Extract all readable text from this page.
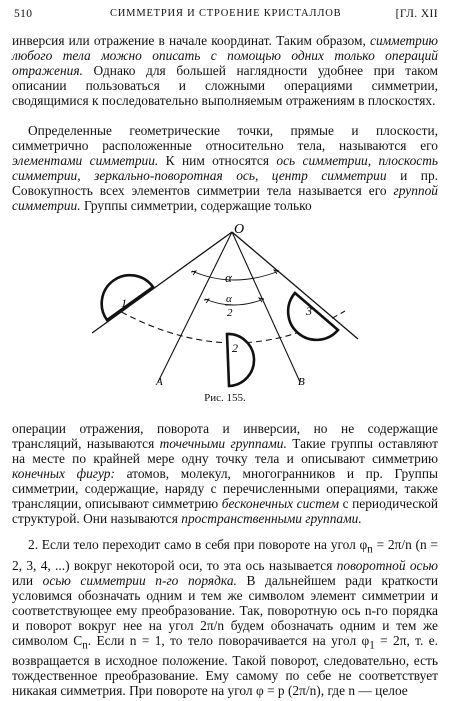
510	СИММЕТРИЯ И СТРОЕНИЕ КРИСТАЛЛОВ	[ГЛ. XII

инверсия или отражение в начале координат. Таким образом, симметрию любого тела можно описать с помощью одних только операций отражения. Однако для большей наглядности удобнее при таком описании пользоваться и сложными операциями симметрии, сводящимися к последовательно выполняемым отражениям в плоскостях.

Определенные геометрические точки, прямые и плоскости, симметрично расположенные относительно тела, называются его элементами симметрии. К ним относятся ось симметрии, плоскость симметрии, зеркально-поворотная ось, центр симметрии и пр. Совокупность всех элементов симметрии тела называется его группой симметрии. Группы симметрии, содержащие только

O
A	B
α
α
2
1
2
3
Рис. 155.

операции отражения, поворота и инверсии, но не содержащие трансляций, называются точечными группами. Такие группы оставляют на месте по крайней мере одну точку тела и описывают симметрию конечных фигур: атомов, молекул, многогранников и пр. Группы симметрии, содержащие, наряду с перечисленными операциями, также трансляции, описывают симметрию бесконечных систем с периодической структурой. Они называются пространственными группами.

2. Если тело переходит само в себя при повороте на угол $\varphi_n = 2\pi/n$ (n = 2, 3, 4, ...) вокруг некоторой оси, то эта ось называется поворотной осью или осью симметрии n-го порядка. В дальнейшем ради краткости условимся обозначать одним и тем же символом элемент симметрии и соответствующее ему преобразование. Так, поворотную ось n-го порядка и поворот вокруг нее на угол 2π/n будем обозначать одним и тем же символом $C_n$. Если n = 1, то тело поворачивается на угол $\varphi_1 = 2\pi$, т. е. возвращается в исходное положение. Такой поворот, следовательно, есть тождественное преобразование. Ему самому по себе не соответствует никакая симметрия. При повороте на угол φ = p (2π/n), где n — целое
